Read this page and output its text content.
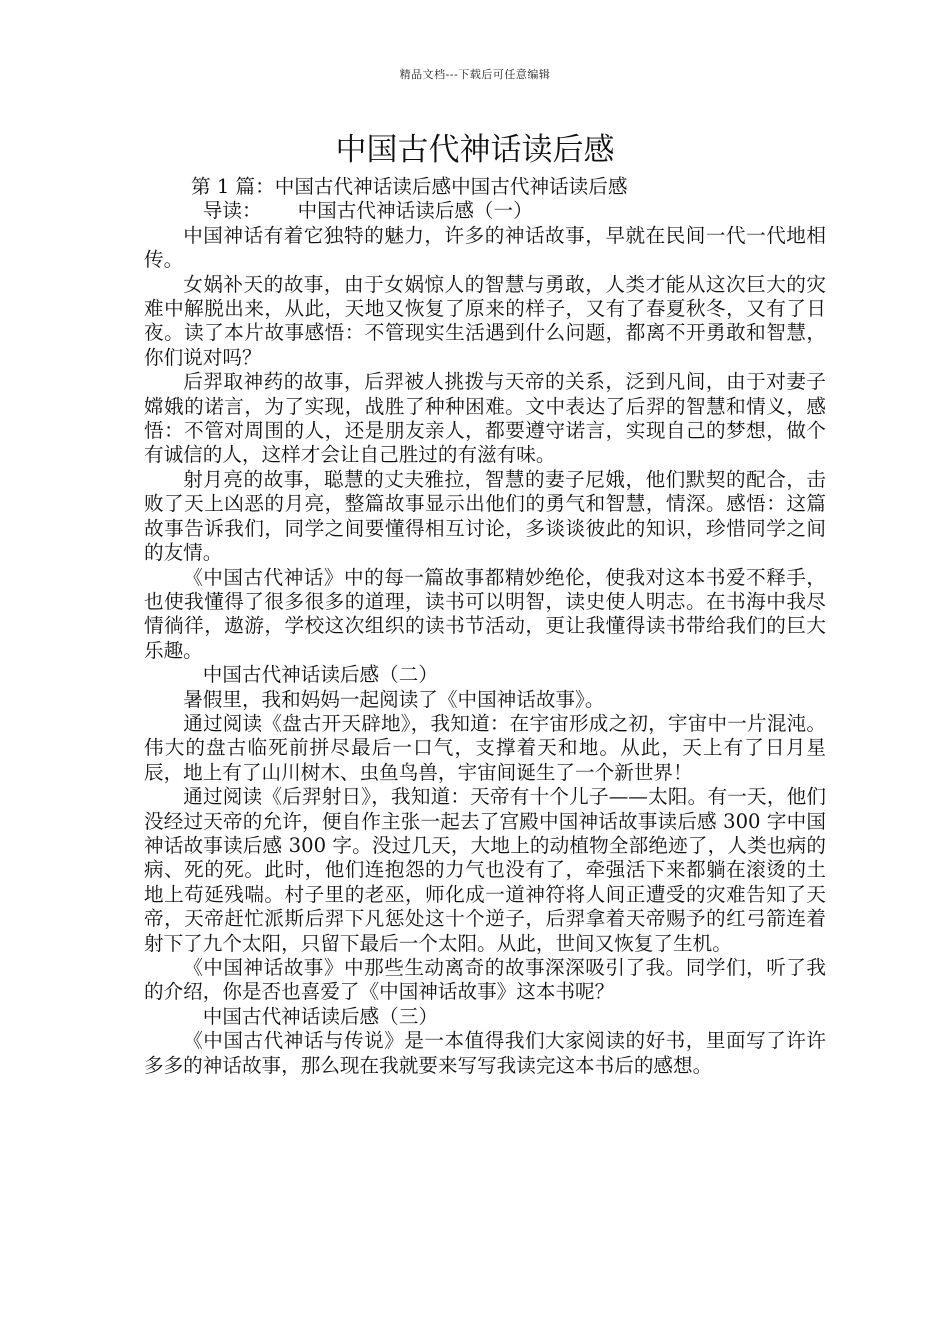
精品文档---下载后可任意编辑
中国古代神话读后感

第 1 篇：中国古代神话读后感中国古代神话读后感

导读： 中国古代神话读后感（一）

中国神话有着它独特的魅力，许多的神话故事，早就在民间一代一代地相传。

女娲补天的故事，由于女娲惊人的智慧与勇敢，人类才能从这次巨大的灾难中解脱出来，从此，天地又恢复了原来的样子，又有了春夏秋冬，又有了日夜。读了本片故事感悟：不管现实生活遇到什么问题，都离不开勇敢和智慧，你们说对吗？

后羿取神药的故事，后羿被人挑拨与天帝的关系，泛到凡间，由于对妻子嫦娥的诺言，为了实现，战胜了种种困难。文中表达了后羿的智慧和情义，感悟：不管对周围的人，还是朋友亲人，都要遵守诺言，实现自己的梦想，做个有诚信的人，这样才会让自己胜过的有滋有味。

射月亮的故事，聪慧的丈夫雅拉，智慧的妻子尼娥，他们默契的配合，击败了天上凶恶的月亮，整篇故事显示出他们的勇气和智慧，情深。感悟：这篇故事告诉我们，同学之间要懂得相互讨论，多谈谈彼此的知识，珍惜同学之间的友情。

《中国古代神话》中的每一篇故事都精妙绝伦，使我对这本书爱不释手，也使我懂得了很多很多的道理，读书可以明智，读史使人明志。在书海中我尽情徜徉，遨游，学校这次组织的读书节活动，更让我懂得读书带给我们的巨大乐趣。

中国古代神话读后感（二）

暑假里，我和妈妈一起阅读了《中国神话故事》。

通过阅读《盘古开天辟地》，我知道：在宇宙形成之初，宇宙中一片混沌。伟大的盘古临死前拼尽最后一口气，支撑着天和地。从此，天上有了日月星辰，地上有了山川树木、虫鱼鸟兽，宇宙间诞生了一个新世界！

通过阅读《后羿射日》，我知道：天帝有十个儿子——太阳。有一天，他们没经过天帝的允许，便自作主张一起去了宫殿中国神话故事读后感 300 字中国神话故事读后感 300 字。没过几天，大地上的动植物全部绝迹了，人类也病的病、死的死。此时，他们连抱怨的力气也没有了，牵强活下来都躺在滚烫的土地上苟延残喘。村子里的老巫，师化成一道神符将人间正遭受的灾难告知了天帝，天帝赶忙派斯后羿下凡惩处这十个逆子，后羿拿着天帝赐予的红弓箭连着射下了九个太阳，只留下最后一个太阳。从此，世间又恢复了生机。

《中国神话故事》中那些生动离奇的故事深深吸引了我。同学们，听了我的介绍，你是否也喜爱了《中国神话故事》这本书呢？

中国古代神话读后感（三）

《中国古代神话与传说》是一本值得我们大家阅读的好书，里面写了许许多多的神话故事，那么现在我就要来写写我读完这本书后的感想。
